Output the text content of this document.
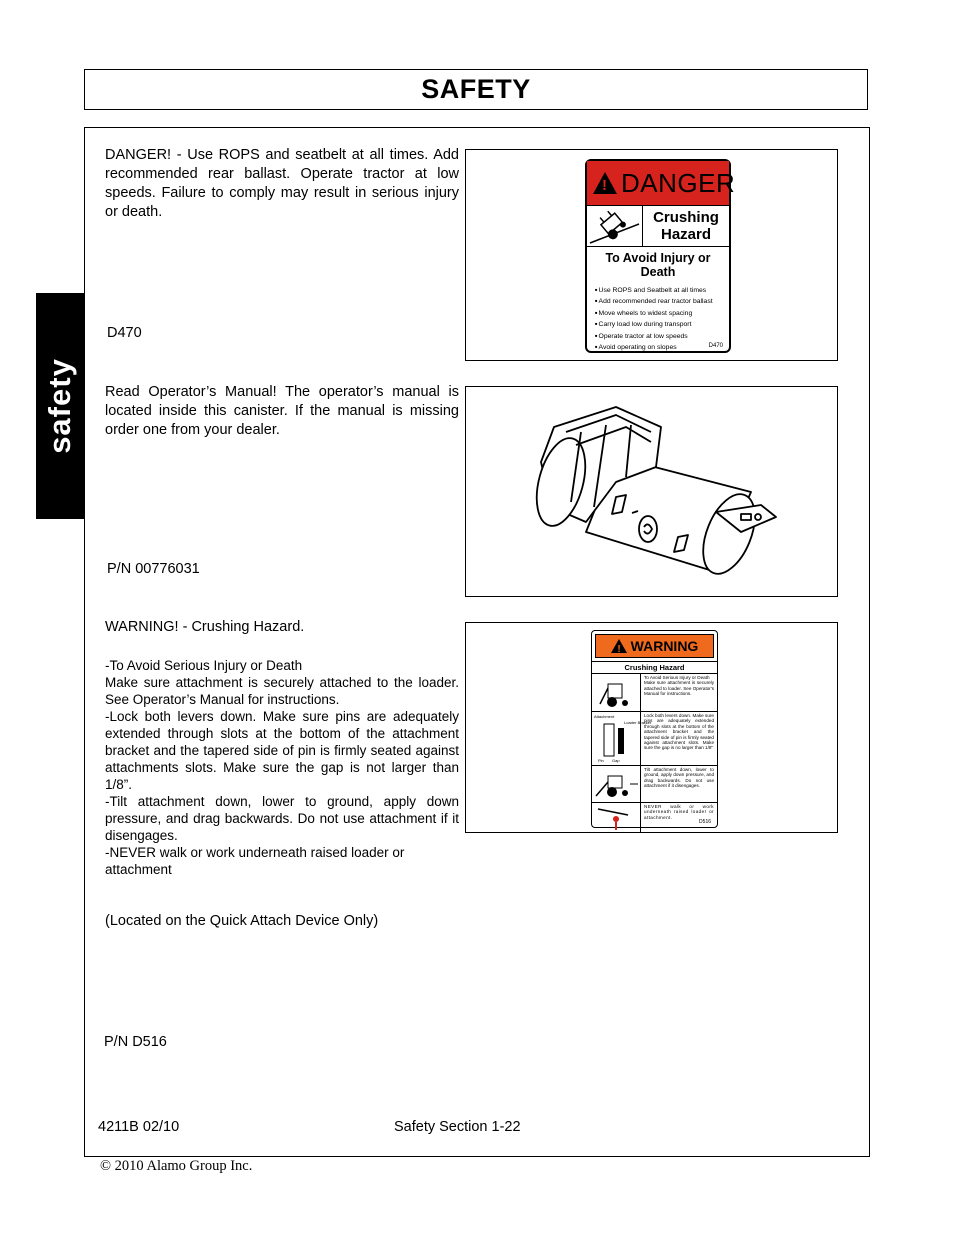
SAFETY
safety
DANGER! - Use ROPS and seatbelt at all times. Add recommended rear ballast. Operate tractor at low speeds. Failure to comply may result in serious injury or death.
D470
! DANGER
Crushing Hazard
To Avoid Injury or Death
■ Use ROPS and Seatbelt at all times
■ Add recommended rear tractor ballast
■ Move wheels to widest spacing
■ Carry load low during transport
■ Operate tractor at low speeds
■ Avoid operating on slopes	D470
Read Operator’s Manual! The operator’s manual is located inside this canister. If the manual is missing order one from your dealer.
P/N 00776031
WARNING! - Crushing Hazard.
-To Avoid Serious Injury or Death
Make sure attachment is securely attached to the loader. See Operator’s Manual for instructions.
-Lock both levers down. Make sure pins are adequately extended through slots at the bottom of the attachment bracket and the tapered side of pin is firmly seated against attachments slots. Make sure the gap is not larger than 1/8”.
-Tilt attachment down, lower to ground, apply down pressure, and drag backwards. Do not use attachment if it disengages.
-NEVER walk or work underneath raised loader or attachment
(Located on the Quick Attach Device Only)
P/N D516
! WARNING
Crushing Hazard
To Avoid Serious Injury or Death
Make sure attachment is securely attached to loader. See Operator's Manual for instructions.
Attachment
Loader Bracket
Pin Gap
Lock both levers down. Make sure pins are adequately extended through slots at the bottom of the attachment bracket and the tapered side of pin is firmly seated against attachment slots. Make sure the gap is no larger than 1/8"
Tilt attachment down, lower to ground, apply down pressure, and drag backwards. Do not use attachment if it disengages.
NEVER walk or work underneath raised loader or attachment.
D516
4211B 02/10	Safety Section 1-22
© 2010 Alamo Group Inc.
